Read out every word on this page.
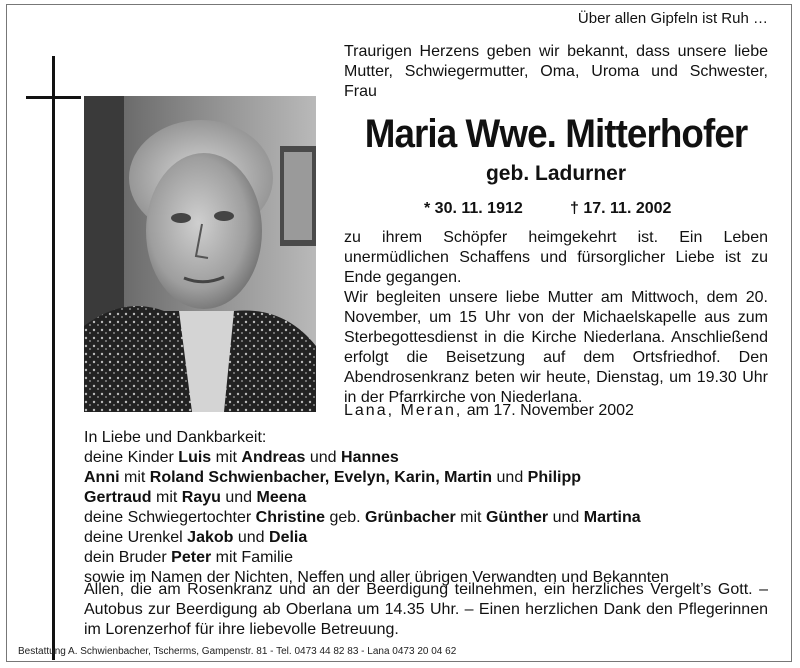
Über allen Gipfeln ist Ruh …
Traurigen Herzens geben wir bekannt, dass unsere liebe Mutter, Schwiegermutter, Oma, Uroma und Schwester, Frau
Maria Wwe. Mitterhofer
geb. Ladurner
* 30. 11. 1912	† 17. 11. 2002

zu ihrem Schöpfer heimgekehrt ist. Ein Leben unermüdlichen Schaffens und fürsorglicher Liebe ist zu Ende gegangen.

Wir begleiten unsere liebe Mutter am Mittwoch, dem 20. November, um 15 Uhr von der Michaelskapelle aus zum Sterbegottesdienst in die Kirche Niederlana. Anschließend erfolgt die Beisetzung auf dem Ortsfriedhof. Den Abendrosenkranz beten wir heute, Dienstag, um 19.30 Uhr in der Pfarrkirche von Niederlana.

Lana, Meran, am 17. November 2002
In Liebe und Dankbarkeit:
deine Kinder Luis mit Andreas und Hannes
Anni mit Roland Schwienbacher, Evelyn, Karin, Martin und Philipp
Gertraud mit Rayu und Meena
deine Schwiegertochter Christine geb. Grünbacher mit Günther und Martina
deine Urenkel Jakob und Delia
dein Bruder Peter mit Familie
sowie im Namen der Nichten, Neffen und aller übrigen Verwandten und Bekannten
Allen, die am Rosenkranz und an der Beerdigung teilnehmen, ein herzliches Vergelt’s Gott. – Autobus zur Beerdigung ab Oberlana um 14.35 Uhr. – Einen herzlichen Dank den Pflegerinnen im Lorenzerhof für ihre liebevolle Betreuung.
Bestattung A. Schwienbacher, Tscherms, Gampenstr. 81 - Tel. 0473 44 82 83 - Lana 0473 20 04 62
